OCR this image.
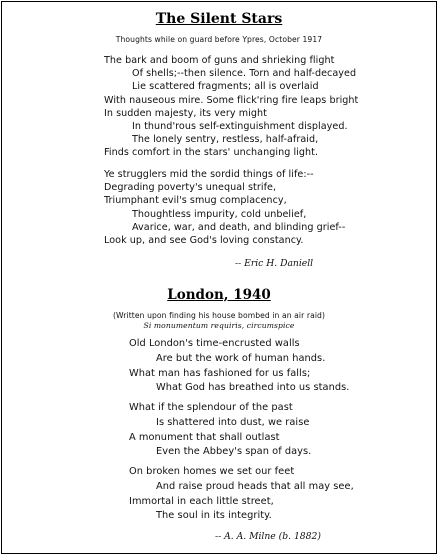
The Silent Stars
Thoughts while on guard before Ypres, October 1917
The bark and boom of guns and shrieking flight
Of shells;--then silence. Torn and half-decayed
Lie scattered fragments; all is overlaid
With nauseous mire. Some flick'ring fire leaps bright
In sudden majesty, its very might
In thund'rous self-extinguishment displayed.
The lonely sentry, restless, half-afraid,
Finds comfort in the stars' unchanging light.
Ye strugglers mid the sordid things of life:--
Degrading poverty's unequal strife,
Triumphant evil's smug complacency,
Thoughtless impurity, cold unbelief,
Avarice, war, and death, and blinding grief--
Look up, and see God's loving constancy.
-- Eric H. Daniell
London, 1940
(Written upon finding his house bombed in an air raid)
Si monumentum requiris, circumspice
Old London's time-encrusted walls
Are but the work of human hands.
What man has fashioned for us falls;
What God has breathed into us stands.
What if the splendour of the past
Is shattered into dust, we raise
A monument that shall outlast
Even the Abbey's span of days.
On broken homes we set our feet
And raise proud heads that all may see,
Immortal in each little street,
The soul in its integrity.
-- A. A. Milne (b. 1882)
